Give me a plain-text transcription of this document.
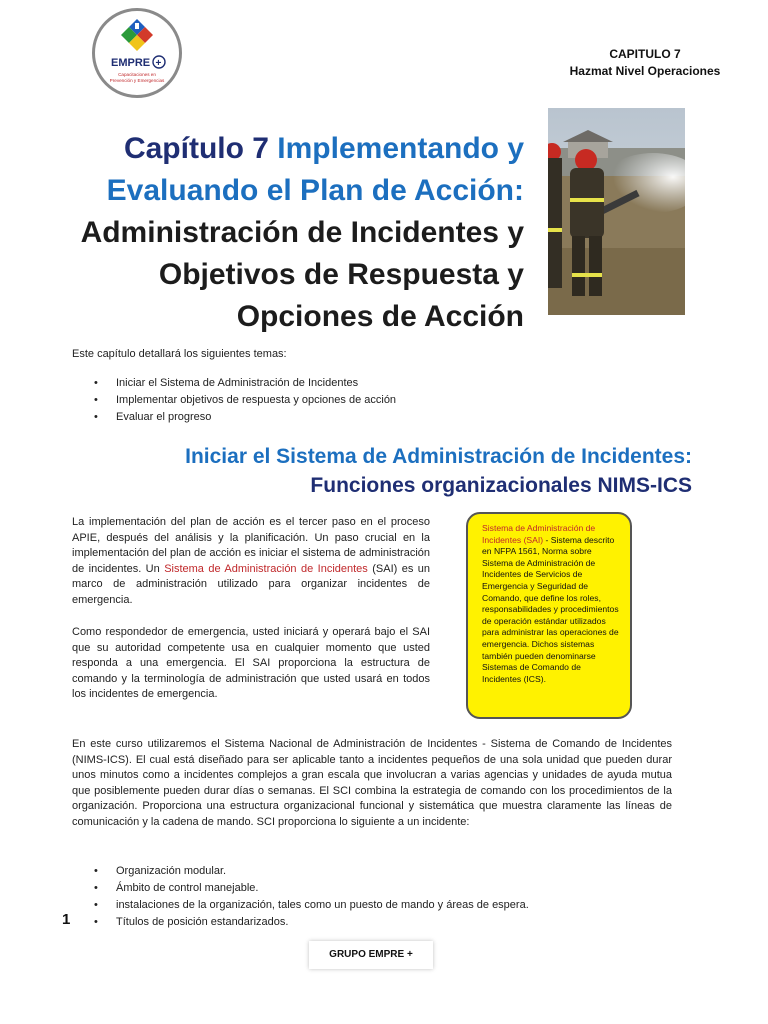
EMPRE +
Capacitaciones en
Prevención y Emergencias
CAPITULO 7
Hazmat Nivel Operaciones
Capítulo 7 Implementando y Evaluando el Plan de Acción: Administración de Incidentes y Objetivos de Respuesta y Opciones de Acción
Este capítulo detallará los siguientes temas:
• Iniciar el Sistema de Administración de Incidentes
• Implementar objetivos de respuesta y opciones de acción
• Evaluar el progreso
Iniciar el Sistema de Administración de Incidentes:
Funciones organizacionales NIMS-ICS
La implementación del plan de acción es el tercer paso en el proceso APIE, después del análisis y la planificación. Un paso crucial en la implementación del plan de acción es iniciar el sistema de administración de incidentes. Un Sistema de Administración de Incidentes (SAI) es un marco de administración utilizado para organizar incidentes de emergencia.
Como respondedor de emergencia, usted iniciará y operará bajo el SAI que su autoridad competente usa en cualquier momento que usted responda a una emergencia. El SAI proporciona la estructura de comando y la terminología de administración que usted usará en todos los incidentes de emergencia.
Sistema de Administración de Incidentes (SAI) - Sistema descrito en NFPA 1561, Norma sobre Sistema de Administración de Incidentes de Servicios de Emergencia y Seguridad de Comando, que define los roles, responsabilidades y procedimientos de operación estándar utilizados para administrar las operaciones de emergencia. Dichos sistemas también pueden denominarse Sistemas de Comando de Incidentes (ICS).
En este curso utilizaremos el Sistema Nacional de Administración de Incidentes - Sistema de Comando de Incidentes (NIMS-ICS). El cual está diseñado para ser aplicable tanto a incidentes pequeños de una sola unidad que pueden durar unos minutos como a incidentes complejos a gran escala que involucran a varias agencias y unidades de ayuda mutua que posiblemente pueden durar días o semanas. El SCI combina la estrategia de comando con los procedimientos de la organización. Proporciona una estructura organizacional funcional y sistemática que muestra claramente las líneas de comunicación y la cadena de mando. SCI proporciona lo siguiente a un incidente:
• Organización modular.
• Ámbito de control manejable.
• instalaciones de la organización, tales como un puesto de mando y áreas de espera.
• Títulos de posición estandarizados.
1
GRUPO EMPRE +
